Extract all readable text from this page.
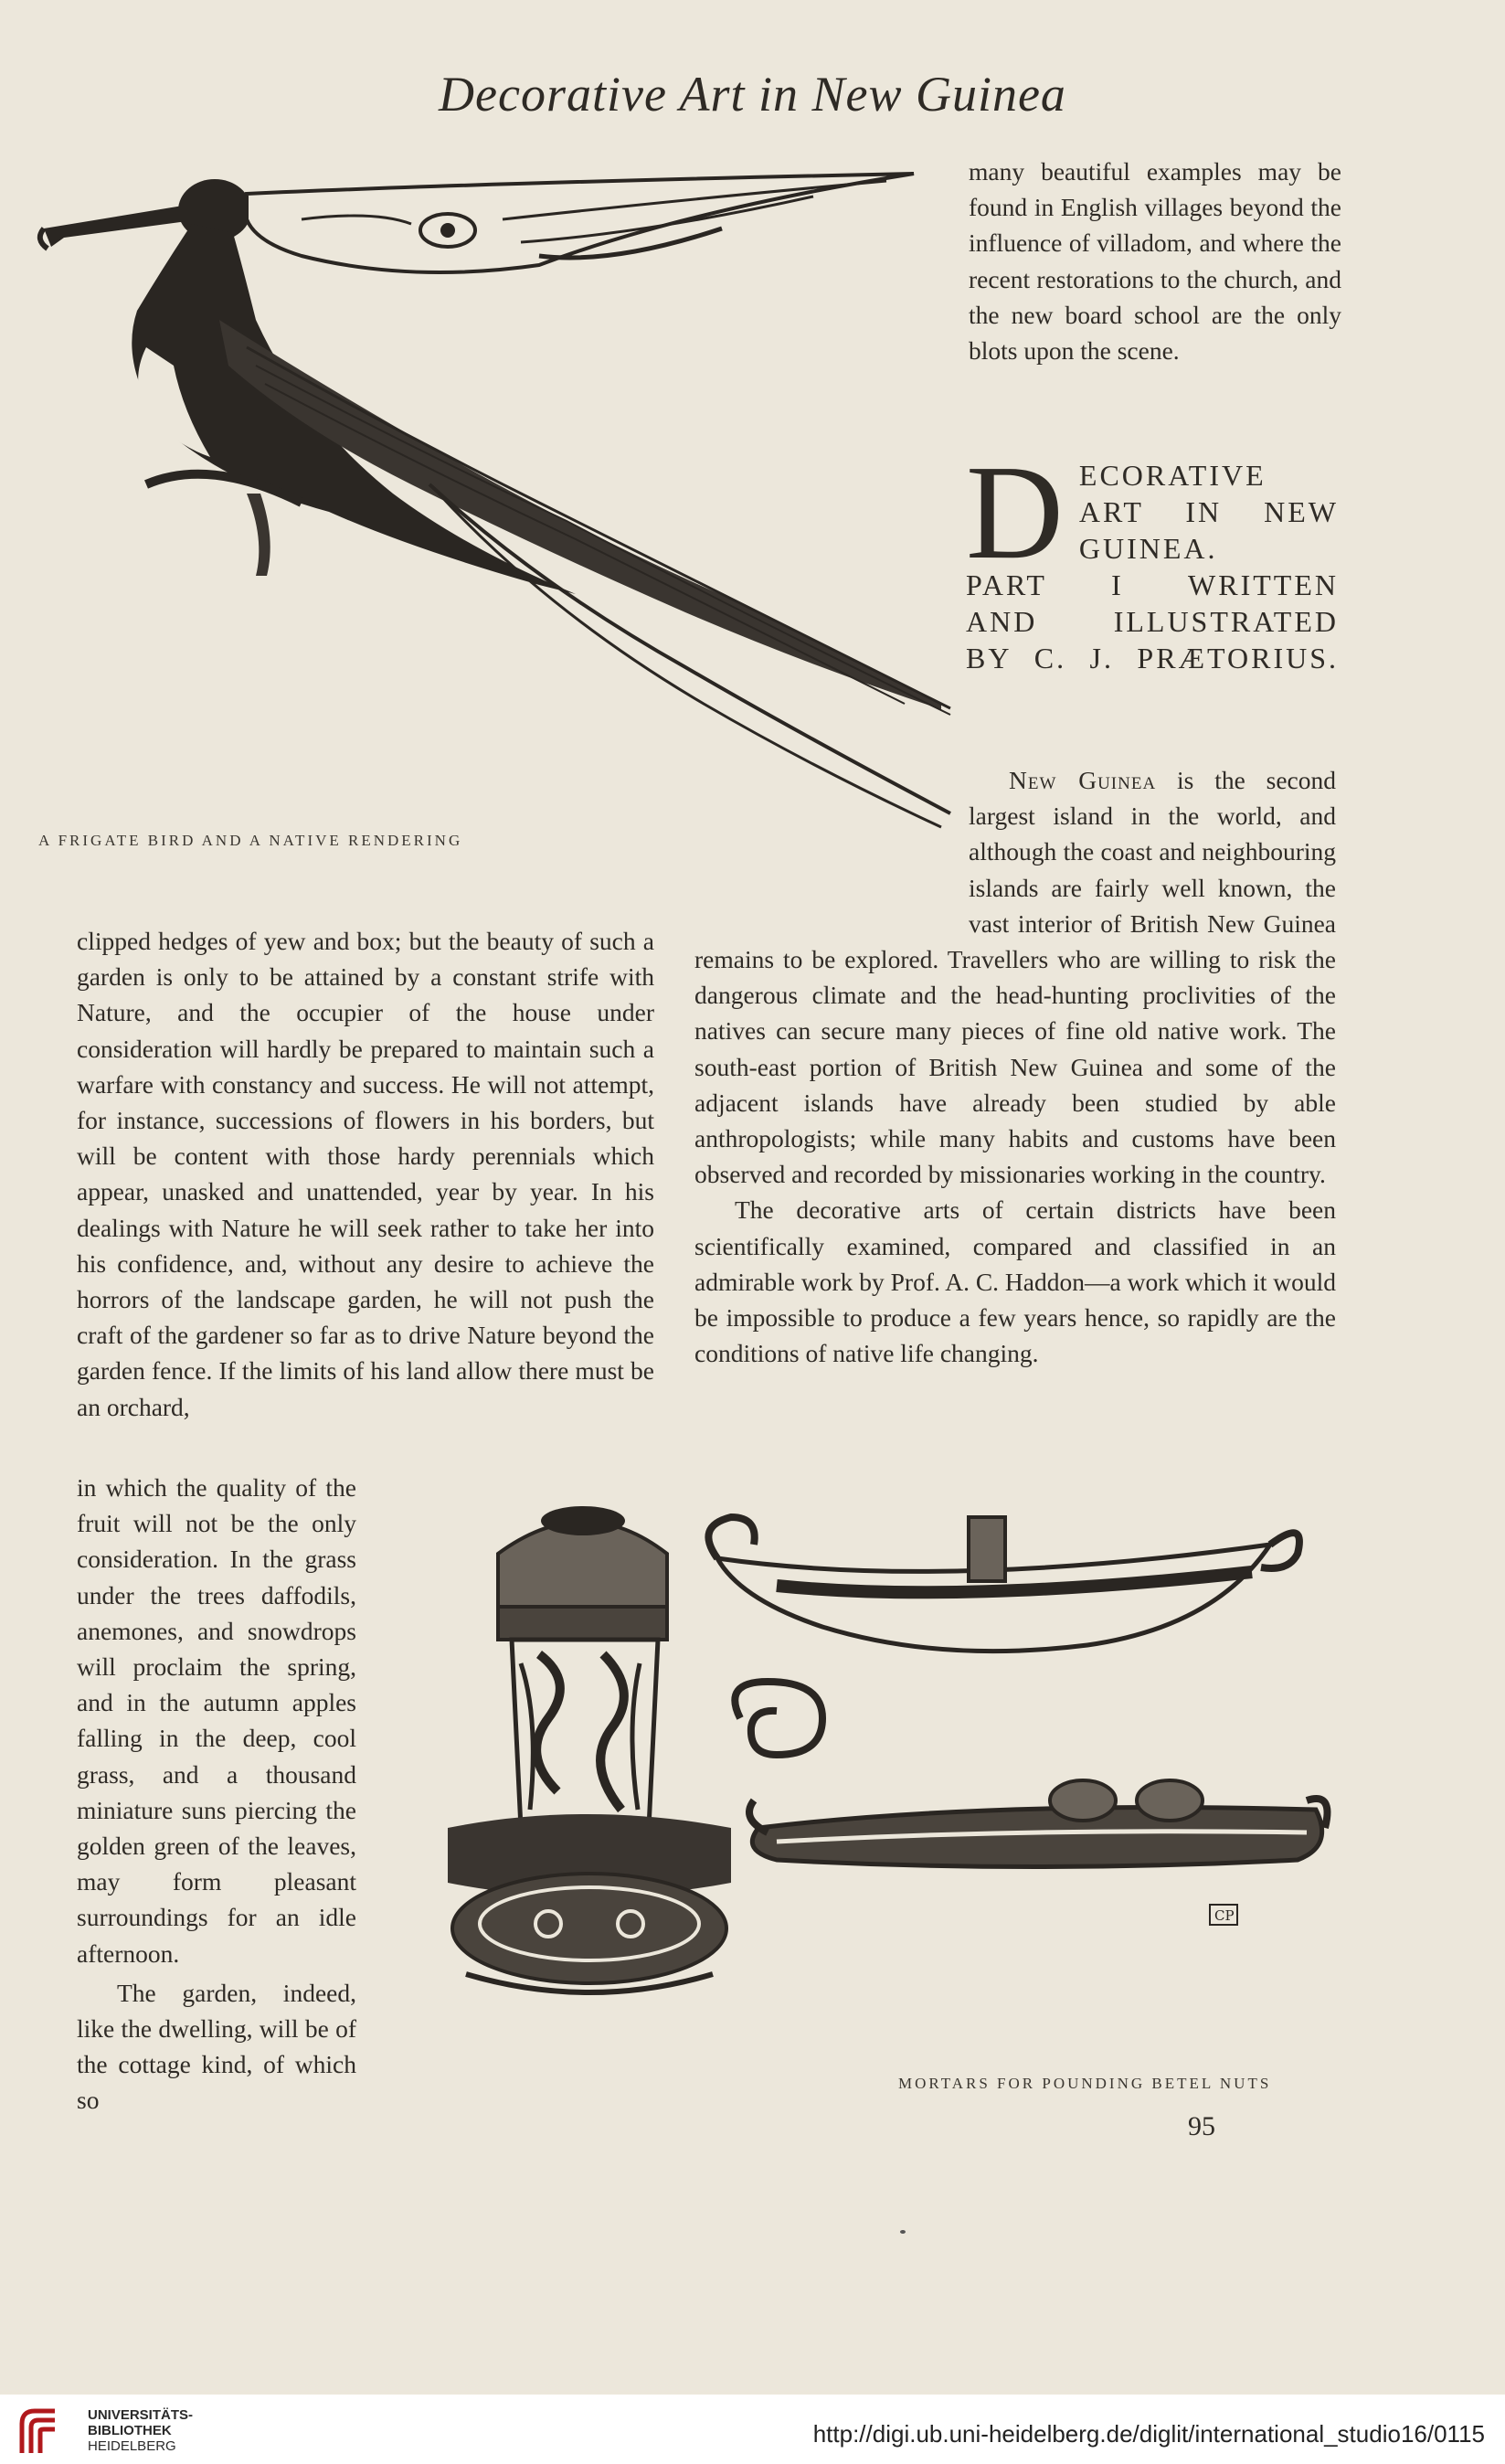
Decorative Art in New Guinea
A FRIGATE BIRD AND A NATIVE RENDERING
many beautiful examples may be found in English villages beyond the influence of villadom, and where the recent restorations to the church, and the new board school are the only blots upon the scene.
D ECORATIVE
ART IN NEW
GUINEA.
PART I WRITTEN
AND ILLUSTRATED
BY C. J. PRÆTORIUS.

New Guinea is the second largest island in the world, and although the coast and neighbouring islands are fairly well known, the vast interior of British New Guinea remains to be explored. Travellers who are willing to risk the dangerous climate and the head-hunting proclivities of the natives can secure many pieces of fine old native work. The south-east portion of British New Guinea and some of the adjacent islands have already been studied by able anthropologists; while many habits and customs have been observed and recorded by missionaries working in the country.

The decorative arts of certain districts have been scientifically examined, compared and classified in an admirable work by Prof. A. C. Haddon—a work which it would be impossible to produce a few years hence, so rapidly are the conditions of native life changing.

clipped hedges of yew and box; but the beauty of such a garden is only to be attained by a constant strife with Nature, and the occupier of the house under consideration will hardly be prepared to maintain such a warfare with constancy and success. He will not attempt, for instance, successions of flowers in his borders, but will be content with those hardy perennials which appear, unasked and unattended, year by year. In his dealings with Nature he will seek rather to take her into his confidence, and, without any desire to achieve the horrors of the landscape garden, he will not push the craft of the gardener so far as to drive Nature beyond the garden fence. If the limits of his land allow there must be an orchard,

in which the quality of the fruit will not be the only consideration. In the grass under the trees daffodils, anemones, and snowdrops will proclaim the spring, and in the autumn apples falling in the deep, cool grass, and a thousand miniature suns piercing the golden green of the leaves, may form pleasant surroundings for an idle afternoon.

The garden, indeed, like the dwelling, will be of the cottage kind, of which so

CP
MORTARS FOR POUNDING BETEL NUTS
95
UNIVERSITÄTS-
BIBLIOTHEK
HEIDELBERG	http://digi.ub.uni-heidelberg.de/diglit/international_studio16/0115
